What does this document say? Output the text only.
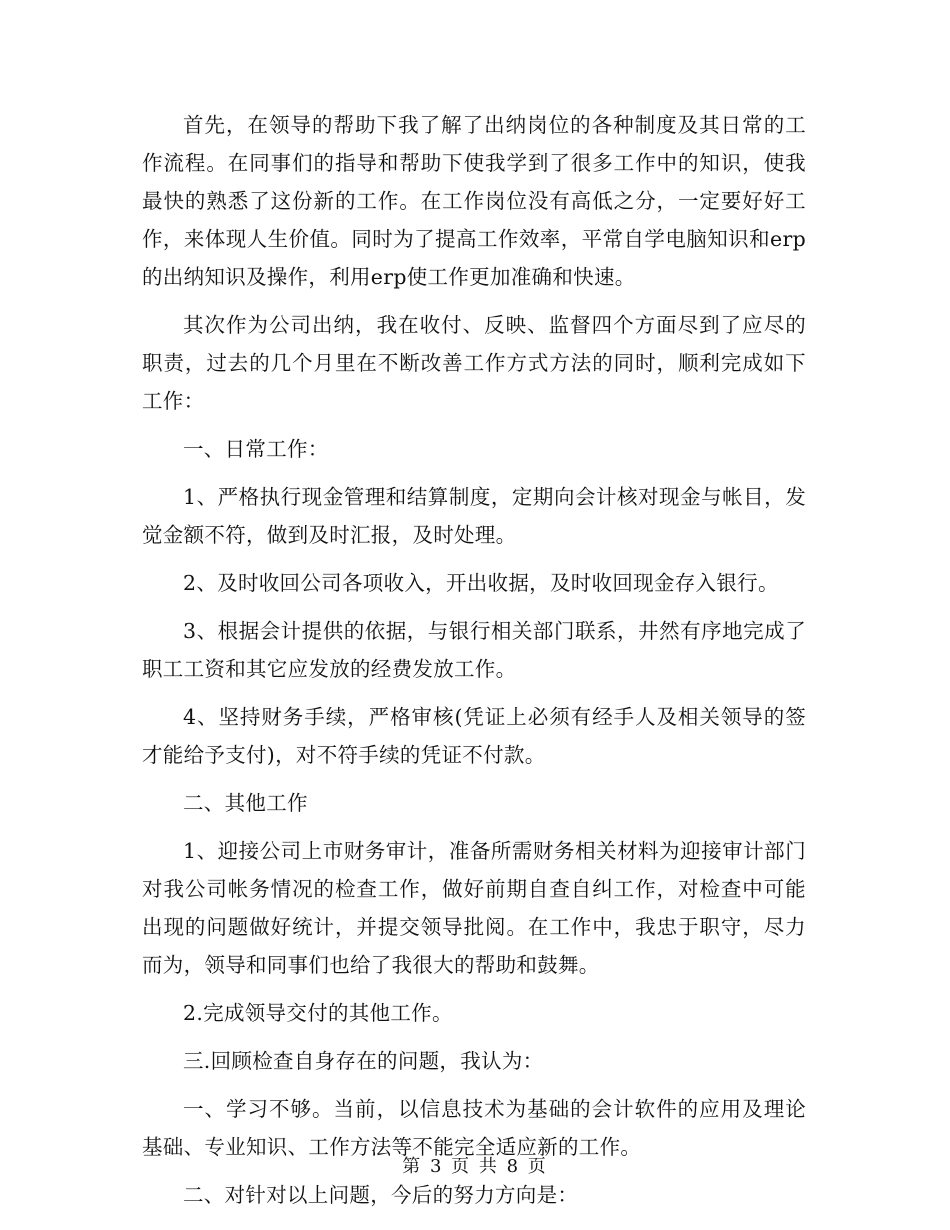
首先，在领导的帮助下我了解了出纳岗位的各种制度及其日常的工作流程。在同事们的指导和帮助下使我学到了很多工作中的知识，使我最快的熟悉了这份新的工作。在工作岗位没有高低之分，一定要好好工作，来体现人生价值。同时为了提高工作效率，平常自学电脑知识和erp的出纳知识及操作，利用erp使工作更加准确和快速。

其次作为公司出纳，我在收付、反映、监督四个方面尽到了应尽的职责，过去的几个月里在不断改善工作方式方法的同时，顺利完成如下工作：

一、日常工作：

1、严格执行现金管理和结算制度，定期向会计核对现金与帐目，发觉金额不符，做到及时汇报，及时处理。

2、及时收回公司各项收入，开出收据，及时收回现金存入银行。

3、根据会计提供的依据，与银行相关部门联系，井然有序地完成了职工工资和其它应发放的经费发放工作。

4、坚持财务手续，严格审核(凭证上必须有经手人及相关领导的签才能给予支付)，对不符手续的凭证不付款。

二、其他工作

1、迎接公司上市财务审计，准备所需财务相关材料为迎接审计部门对我公司帐务情况的检查工作，做好前期自查自纠工作，对检查中可能出现的问题做好统计，并提交领导批阅。在工作中，我忠于职守，尽力而为，领导和同事们也给了我很大的帮助和鼓舞。

2.完成领导交付的其他工作。

三.回顾检查自身存在的问题，我认为：

一、学习不够。当前，以信息技术为基础的会计软件的应用及理论基础、专业知识、工作方法等不能完全适应新的工作。

二、对针对以上问题，今后的努力方向是：

第 3 页 共 8 页
